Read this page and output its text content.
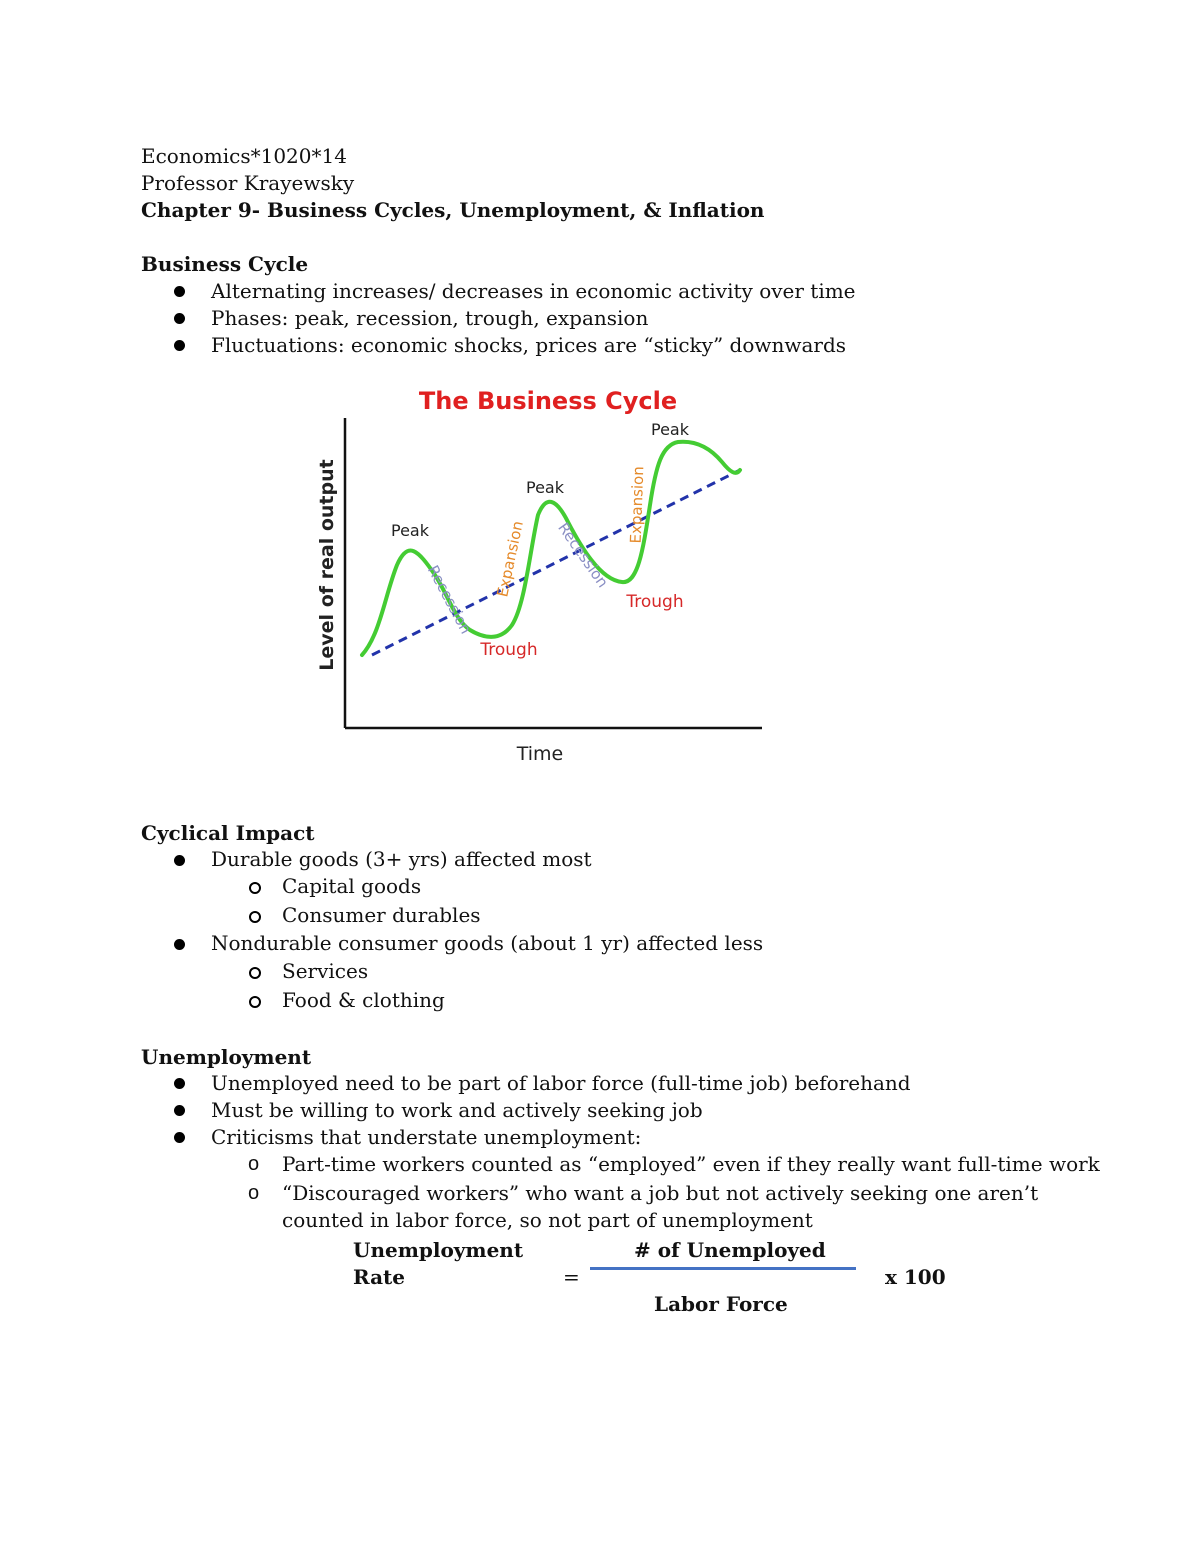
Economics*1020*14
Professor Krayewsky
Chapter 9- Business Cycles, Unemployment, & Inflation
Business Cycle
Alternating increases/ decreases in economic activity over time
Phases: peak, recession, trough, expansion
Fluctuations: economic shocks, prices are “sticky” downwards
The Business Cycle
Level of real output
Time
Peak
Peak
Peak
Trough
Trough
Recession
Recession
Expansion
Expansion
Cyclical Impact
Durable goods (3+ yrs) affected most
Capital goods
Consumer durables
Nondurable consumer goods (about 1 yr) affected less
Services
Food & clothing
Unemployment
Unemployed need to be part of labor force (full-time job) beforehand
Must be willing to work and actively seeking job
Criticisms that understate unemployment:
o Part-time workers counted as “employed” even if they really want full-time work
o “Discouraged workers” who want a job but not actively seeking one aren’t
counted in labor force, so not part of unemployment
Unemployment
Rate	=
# of Unemployed
Labor Force
x 100
